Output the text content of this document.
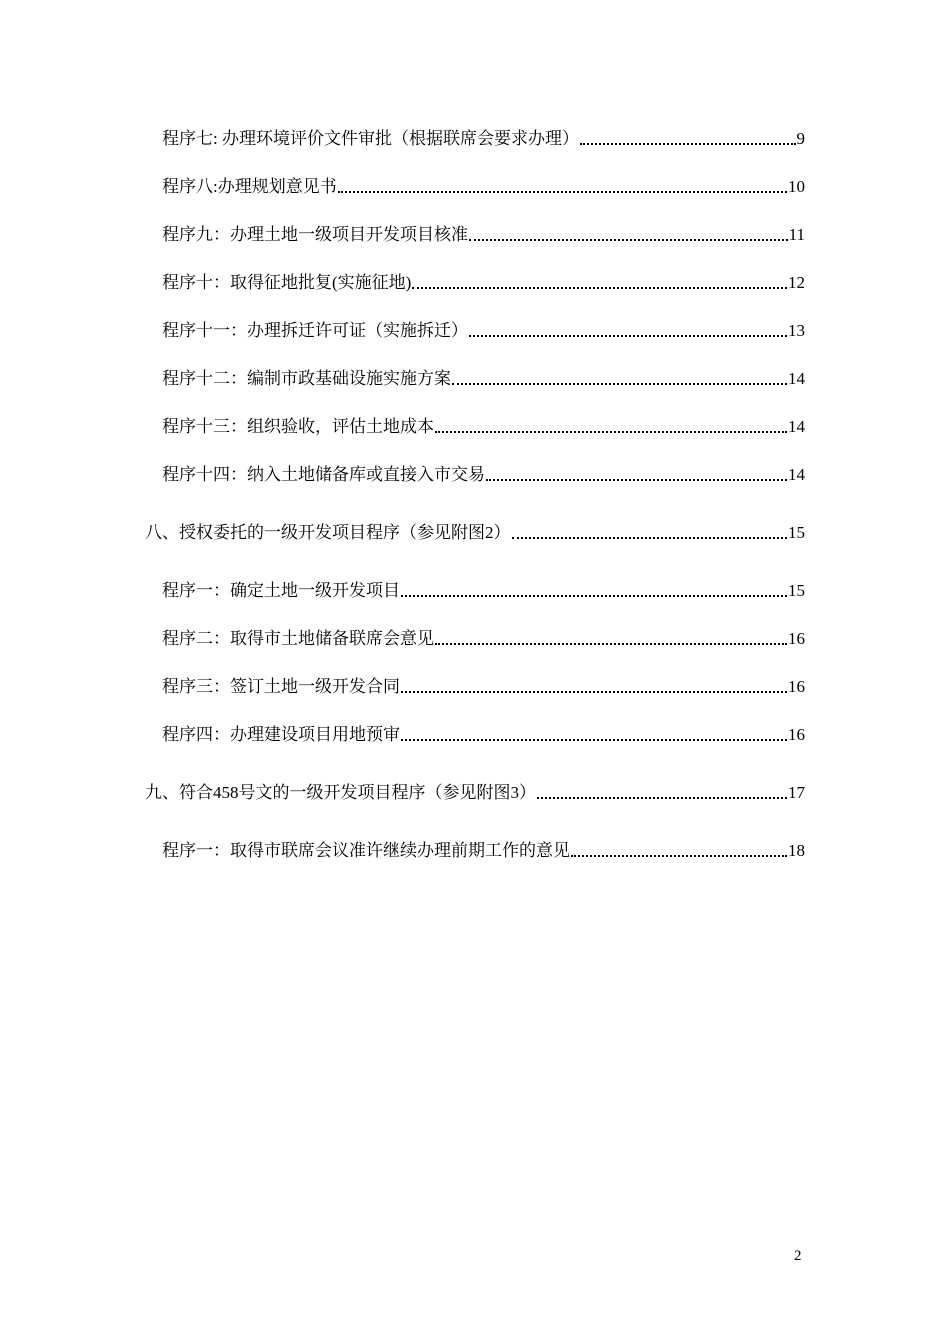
程序七: 办理环境评价文件审批（根据联席会要求办理）	9
程序八:办理规划意见书	10
程序九：办理土地一级项目开发项目核准	11
程序十：取得征地批复(实施征地)	12
程序十一：办理拆迁许可证（实施拆迁）	13
程序十二：编制市政基础设施实施方案	14
程序十三：组织验收，评估土地成本	14
程序十四：纳入土地储备库或直接入市交易	14
八、授权委托的一级开发项目程序（参见附图2）	15
程序一：确定土地一级开发项目	15
程序二：取得市土地储备联席会意见	16
程序三：签订土地一级开发合同	16
程序四：办理建设项目用地预审	16
九、符合458号文的一级开发项目程序（参见附图3）	17
程序一：取得市联席会议准许继续办理前期工作的意见	18
2
